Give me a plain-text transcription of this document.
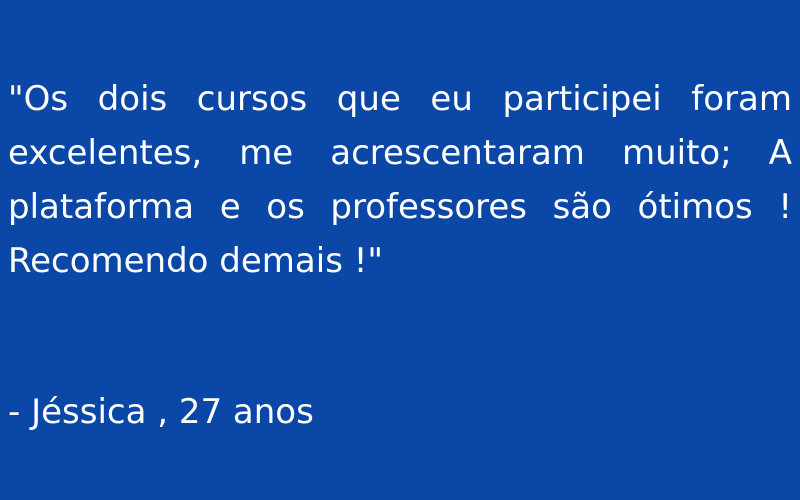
"Os dois cursos que eu participei foram excelentes, me acrescentaram muito; A plataforma e os professores são ótimos ! Recomendo demais !"

- Jéssica , 27 anos
